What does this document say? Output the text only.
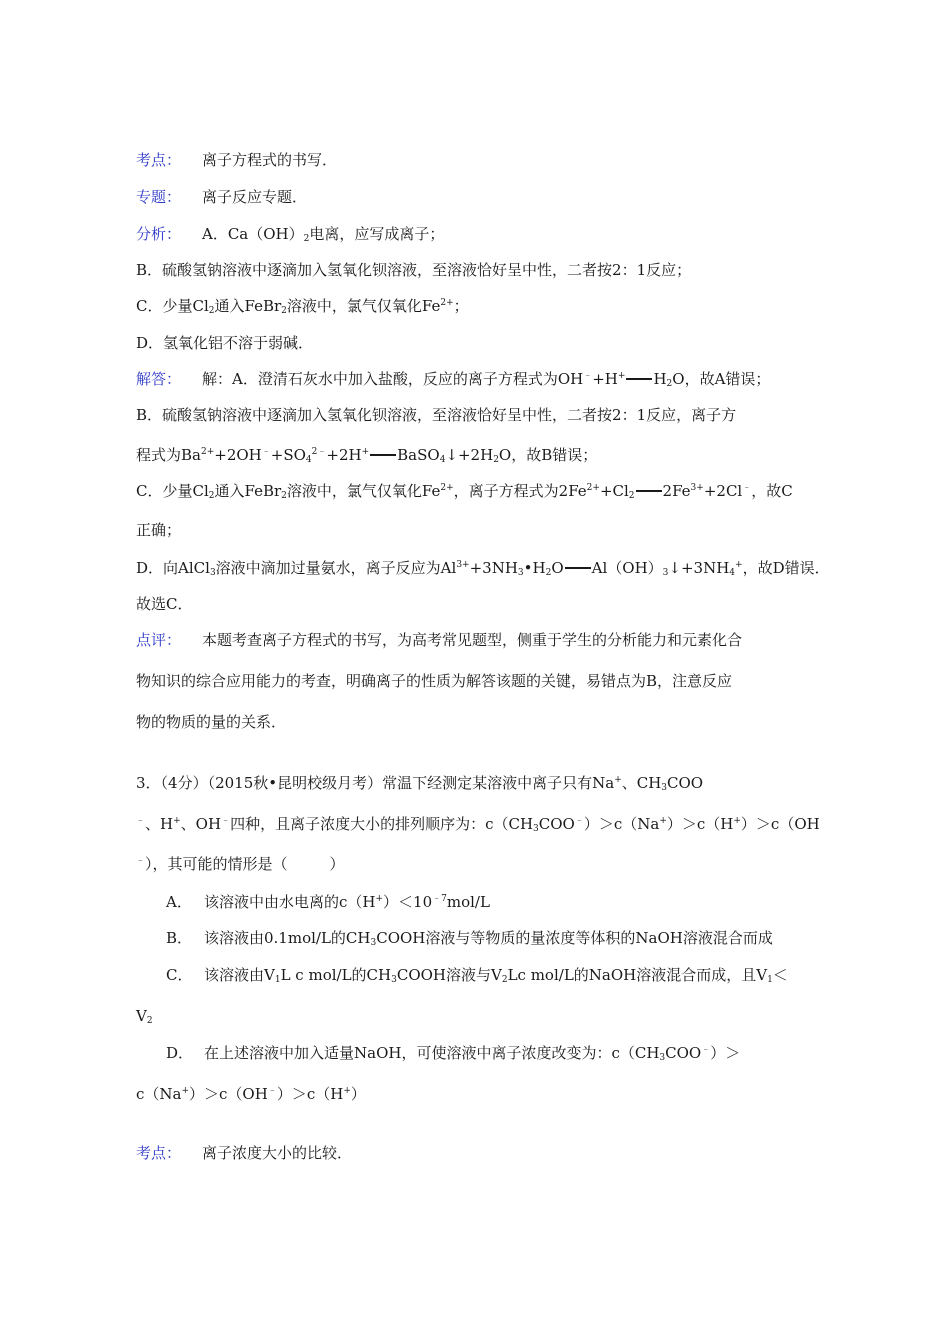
考点： 离子方程式的书写．
专题： 离子反应专题．
分析： A．$Ca(OH)_2$电离，应写成离子；
B．硫酸氢钠溶液中逐滴加入氢氧化钡溶液，至溶液恰好呈中性，二者按2：1反应；
C．少量$Cl_2$通入FeBr$_2$溶液中，氯气仅氧化$Fe^{2+}$；
D．氢氧化铝不溶于弱碱．
解答： 解：A．澄清石灰水中加入盐酸，反应的离子方程式为OH﹣+H+ $H_2O$，故A错误；
B．硫酸氢钠溶液中逐滴加入氢氧化钡溶液，至溶液恰好呈中性，二者按2：1反应，离子方
程式为$Ba^{2+}+2OH^﹣+SO_4^{2﹣}+2H^+$ $BaSO_4↓+2H_2O$，故B错误；
C．少量$Cl_2$通入FeBr$_2$溶液中，氯气仅氧化$Fe^{2+}$，离子方程式为$2Fe^{2+}+Cl_2$ $2Fe^{3+}+2Cl^﹣$，故C
正确；
D．向AlCl$_3$溶液中滴加过量氨水，离子反应为$Al^{3+}+3NH_3•H_2O$ $Al(OH)_3↓+3NH_4^+$，故D错误．
故选C．
点评： 本题考查离子方程式的书写，为高考常见题型，侧重于学生的分析能力和元素化合
物知识的综合应用能力的考查，明确离子的性质为解答该题的关键，易错点为B，注意反应
物的物质的量的关系．
3．（4分）（2015秋•昆明校级月考）常温下经测定某溶液中离子只有Na+、$CH_3COO$
﹣、H+、OH﹣四种，且离子浓度大小的排列顺序为：$c(CH_3COO^﹣)>c(Na^+)>c(H^+)>c(OH$
﹣），其可能的情形是（	）
A． 该溶液中由水电离的$c(H^+)<10^{﹣7}mol/L$
B． 该溶液由0.1mol/L的$CH_3COOH$溶液与等物质的量浓度等体积的NaOH溶液混合而成
C． 该溶液由$V_1L$ c mol/L的$CH_3COOH$溶液与$V_2Lc$ mol/L的NaOH溶液混合而成，且$V_1<$
$V_2$
D． 在上述溶液中加入适量NaOH，可使溶液中离子浓度改变为：$c(CH_3COO^﹣)>$
c（Na+）＞c（OH﹣）＞c（H+）
考点： 离子浓度大小的比较．
